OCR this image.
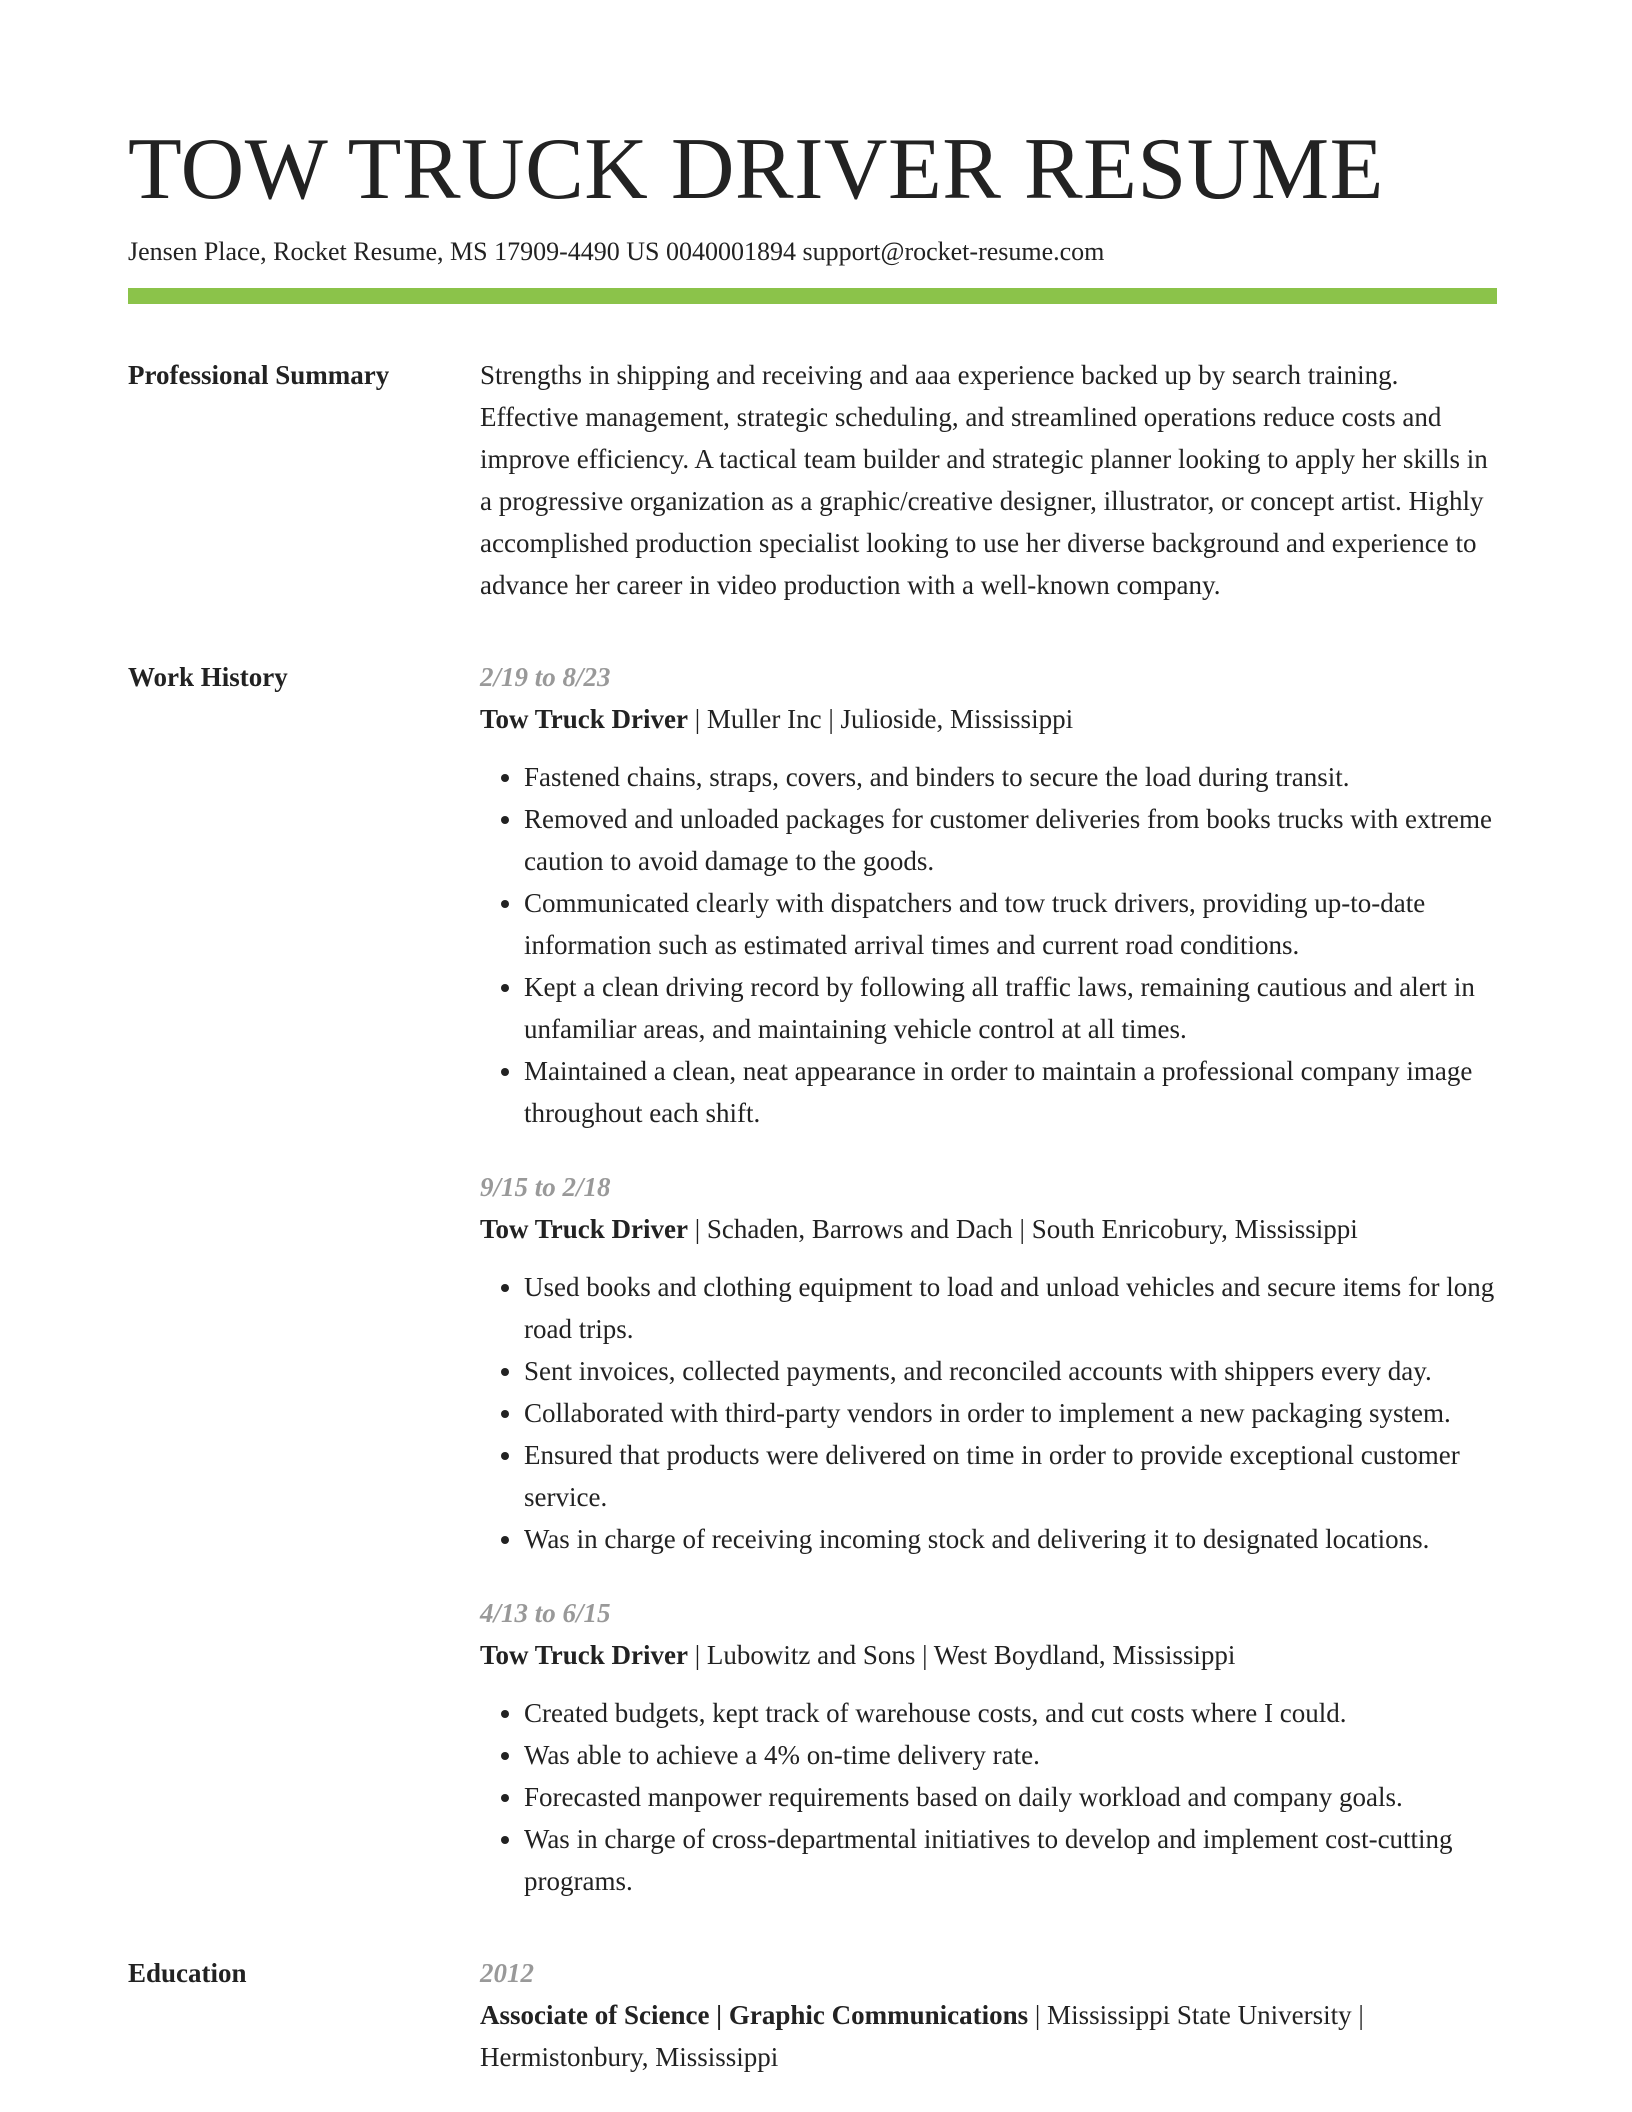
TOW TRUCK DRIVER RESUME
Jensen Place, Rocket Resume, MS 17909-4490 US 0040001894 support@rocket-resume.com
Professional Summary	Strengths in shipping and receiving and aaa experience backed up by search training. Effective management, strategic scheduling, and streamlined operations reduce costs and improve efficiency. A tactical team builder and strategic planner looking to apply her skills in a progressive organization as a graphic/creative designer, illustrator, or concept artist. Highly accomplished production specialist looking to use her diverse background and experience to advance her career in video production with a well-known company.

Work History	2/19 to 8/23
Tow Truck Driver | Muller Inc | Julioside, Mississippi
• Fastened chains, straps, covers, and binders to secure the load during transit.
• Removed and unloaded packages for customer deliveries from books trucks with extreme caution to avoid damage to the goods.
• Communicated clearly with dispatchers and tow truck drivers, providing up-to-date information such as estimated arrival times and current road conditions.
• Kept a clean driving record by following all traffic laws, remaining cautious and alert in unfamiliar areas, and maintaining vehicle control at all times.
• Maintained a clean, neat appearance in order to maintain a professional company image throughout each shift.
9/15 to 2/18
Tow Truck Driver | Schaden, Barrows and Dach | South Enricobury, Mississippi
• Used books and clothing equipment to load and unload vehicles and secure items for long road trips.
• Sent invoices, collected payments, and reconciled accounts with shippers every day.
• Collaborated with third-party vendors in order to implement a new packaging system.
• Ensured that products were delivered on time in order to provide exceptional customer service.
• Was in charge of receiving incoming stock and delivering it to designated locations.
4/13 to 6/15
Tow Truck Driver | Lubowitz and Sons | West Boydland, Mississippi
• Created budgets, kept track of warehouse costs, and cut costs where I could.
• Was able to achieve a 4% on-time delivery rate.
• Forecasted manpower requirements based on daily workload and company goals.
• Was in charge of cross-departmental initiatives to develop and implement cost-cutting programs.
Education	2012
Associate of Science | Graphic Communications | Mississippi State University | Hermistonbury, Mississippi
